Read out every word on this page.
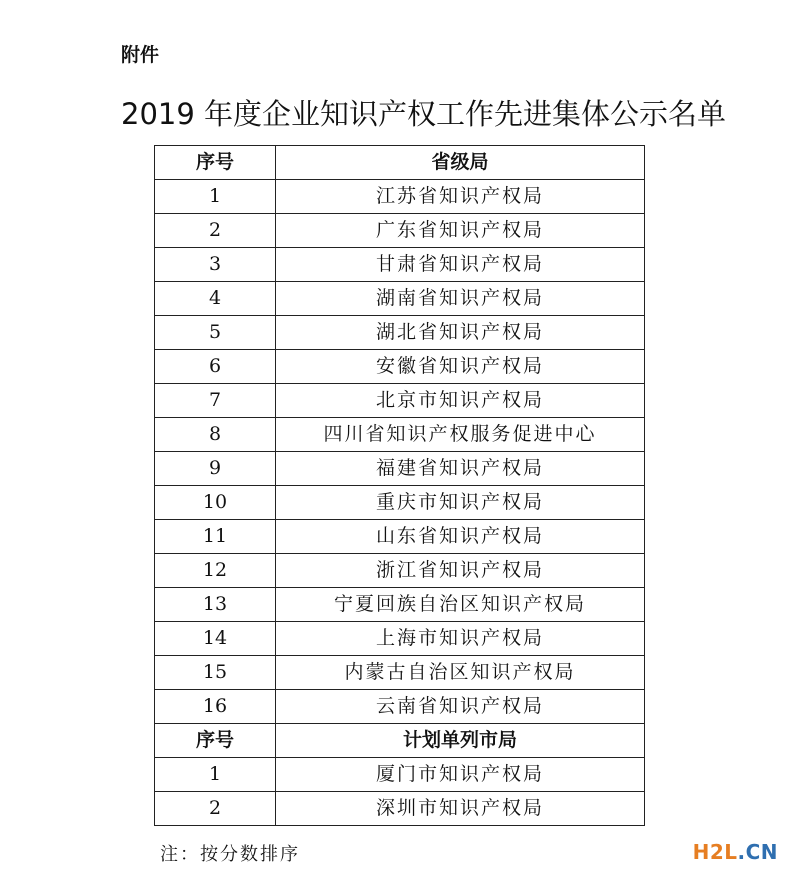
附件
2019 年度企业知识产权工作先进集体公示名单
序号	省级局
1	江苏省知识产权局
2	广东省知识产权局
3	甘肃省知识产权局
4	湖南省知识产权局
5	湖北省知识产权局
6	安徽省知识产权局
7	北京市知识产权局
8	四川省知识产权服务促进中心
9	福建省知识产权局
10	重庆市知识产权局
11	山东省知识产权局
12	浙江省知识产权局
13	宁夏回族自治区知识产权局
14	上海市知识产权局
15	内蒙古自治区知识产权局
16	云南省知识产权局
序号	计划单列市局
1	厦门市知识产权局
2	深圳市知识产权局
注：按分数排序	H2L.CN
